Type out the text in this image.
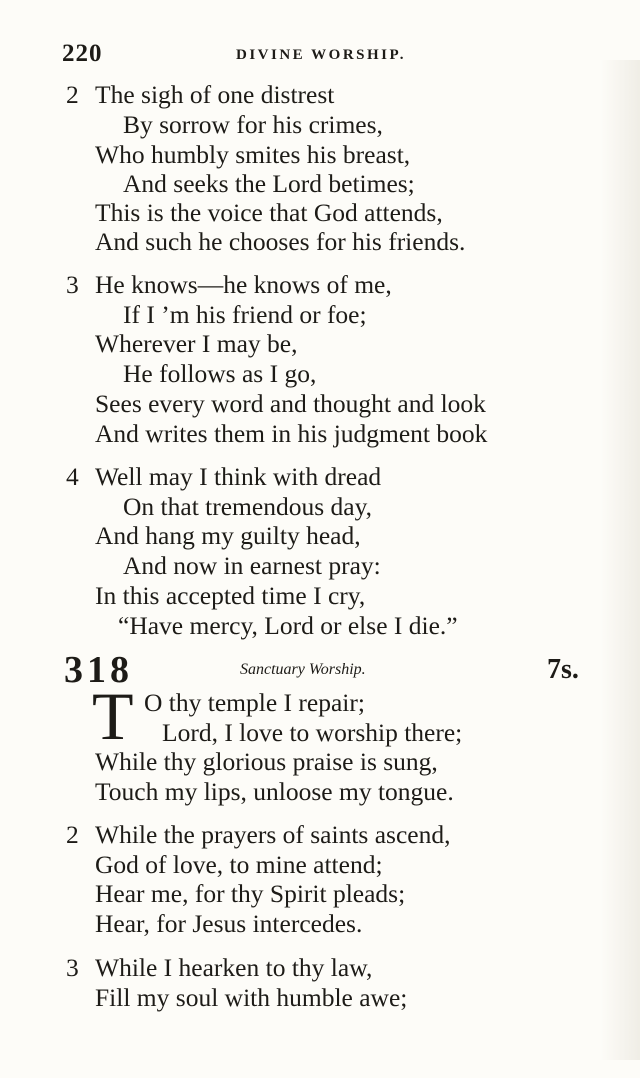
220	DIVINE WORSHIP.
2 The sigh of one distrest
By sorrow for his crimes,
Who humbly smites his breast,
And seeks the Lord betimes;
This is the voice that God attends,
And such he chooses for his friends.
3 He knows—he knows of me,
If I ’m his friend or foe;
Wherever I may be,
He follows as I go,
Sees every word and thought and look
And writes them in his judgment book
4 Well may I think with dread
On that tremendous day,
And hang my guilty head,
And now in earnest pray:
In this accepted time I cry,
“Have mercy, Lord or else I die.”
318	Sanctuary Worship.	7s.
T O thy temple I repair;
Lord, I love to worship there;
While thy glorious praise is sung,
Touch my lips, unloose my tongue.
2 While the prayers of saints ascend,
God of love, to mine attend;
Hear me, for thy Spirit pleads;
Hear, for Jesus intercedes.
3 While I hearken to thy law,
Fill my soul with humble awe;
